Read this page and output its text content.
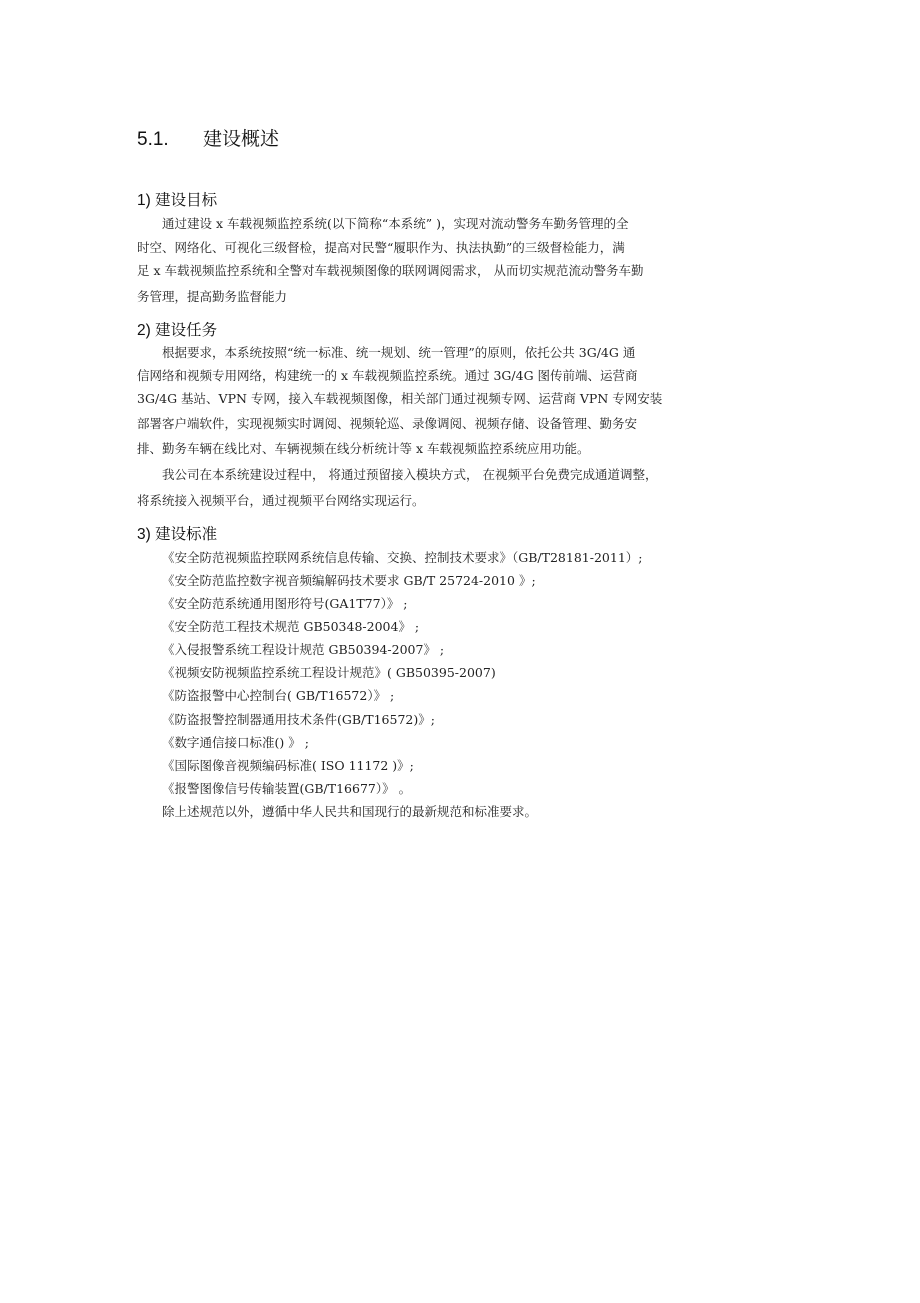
5.1. 建设概述
1) 建设目标
通过建设 x 车载视频监控系统(以下简称“本系统” )，实现对流动警务车勤务管理的全
时空、网络化、可视化三级督检，提高对民警“履职作为、执法执勤”的三级督检能力，满
足 x 车载视频监控系统和全警对车载视频图像的联网调阅需求， 从而切实规范流动警务车勤
务管理，提高勤务监督能力
2) 建设任务
根据要求，本系统按照“统一标准、统一规划、统一管理”的原则，依托公共 3G/4G 通
信网络和视频专用网络，构建统一的 x 车载视频监控系统。通过 3G/4G 图传前端、运营商
3G/4G 基站、VPN 专网，接入车载视频图像，相关部门通过视频专网、运营商 VPN 专网安装
部署客户端软件，实现视频实时调阅、视频轮巡、录像调阅、视频存储、设备管理、勤务安
排、勤务车辆在线比对、车辆视频在线分析统计等 x 车载视频监控系统应用功能。
我公司在本系统建设过程中， 将通过预留接入模块方式， 在视频平台免费完成通道调整，
将系统接入视频平台，通过视频平台网络实现运行。
3) 建设标准
《安全防范视频监控联网系统信息传输、交换、控制技术要求》（GB/T28181-2011）;
《安全防范监控数字视音频编解码技术要求 GB/T 25724-2010 》;
《安全防范系统通用图形符号(GA1T77）》 ;
《安全防范工程技术规范 GB50348-2004》 ;
《入侵报警系统工程设计规范 GB50394-2007》 ;
《视频安防视频监控系统工程设计规范》( GB50395-2007)
《防盗报警中心控制台( GB/T16572）》 ;
《防盗报警控制器通用技术条件(GB/T16572)》;
《数字通信接口标准() 》 ;
《国际图像音视频编码标准( ISO 11172 )》;
《报警图像信号传输装置(GB/T16677）》 。
除上述规范以外，遵循中华人民共和国现行的最新规范和标准要求。
